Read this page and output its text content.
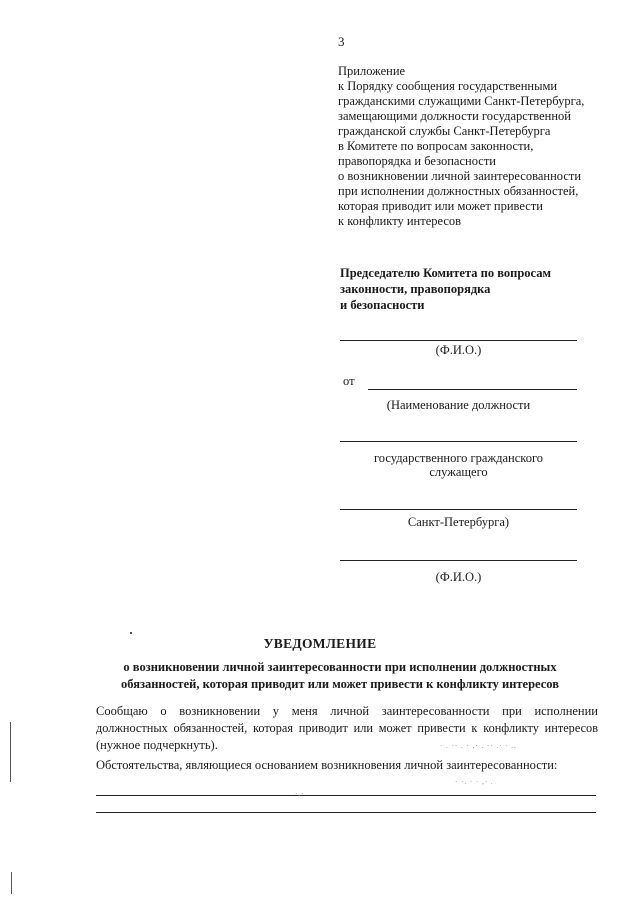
3
Приложение
к Порядку сообщения государственными
гражданскими служащими Санкт-Петербурга,
замещающими должности государственной
гражданской службы Санкт-Петербурга
в Комитете по вопросам законности,
правопорядка и безопасности
о возникновении личной заинтересованности
при исполнении должностных обязанностей,
которая приводит или может привести
к конфликту интересов
Председателю Комитета по вопросам
законности, правопорядка
и безопасности
(Ф.И.О.)
от
(Наименование должности
государственного гражданского
служащего
Санкт-Петербурга)
(Ф.И.О.)
УВЕДОМЛЕНИЕ
о возникновении личной заинтересованности при исполнении должностных
обязанностей, которая приводит или может привести к конфликту интересов
Сообщаю о возникновении у меня личной заинтересованности при исполнении
должностных обязанностей, которая приводит или может привести к конфликту интересов
(нужное подчеркнуть).
Обстоятельства, являющиеся основанием возникновения личной заинтересованности:
· . ·· . · ,· . ·· .· · ..
· ·. · · ,· .
·.·
